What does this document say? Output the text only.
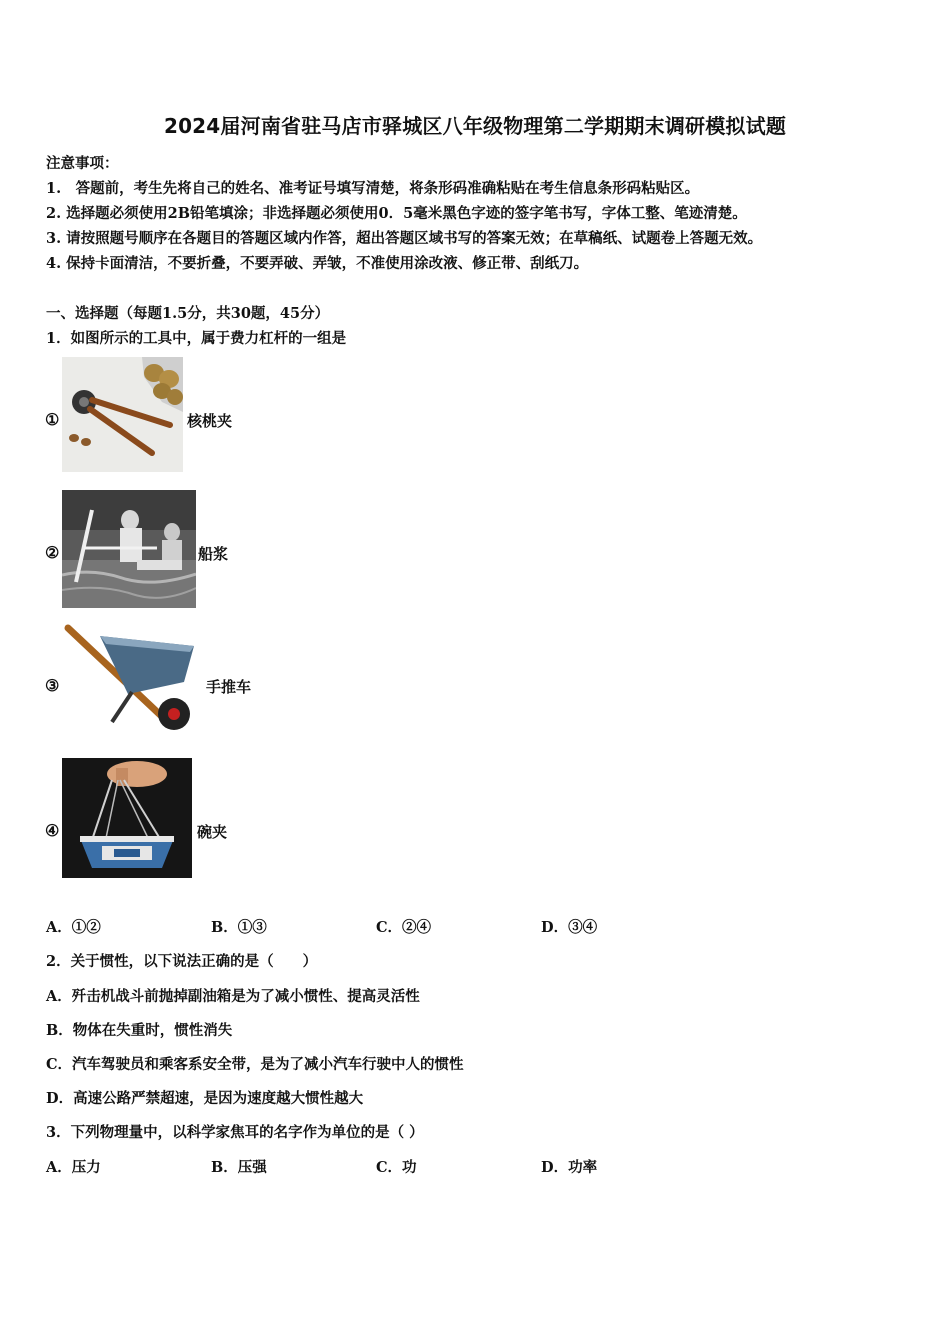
2024届河南省驻马店市驿城区八年级物理第二学期期末调研模拟试题
注意事项：
1.　答题前，考生先将自己的姓名、准考证号填写清楚，将条形码准确粘贴在考生信息条形码粘贴区。
2. 选择题必须使用2B铅笔填涂；非选择题必须使用0．5毫米黑色字迹的签字笔书写，字体工整、笔迹清楚。
3. 请按照题号顺序在各题目的答题区域内作答，超出答题区域书写的答案无效；在草稿纸、试题卷上答题无效。
4. 保持卡面清洁，不要折叠，不要弄破、弄皱，不准使用涂改液、修正带、刮纸刀。
一、选择题（每题1.5分，共30题，45分）
1．如图所示的工具中，属于费力杠杆的一组是
①	核桃夹
②	船浆
③	手推车
④	碗夹
A．①②	B．①③	C．②④	D．③④
2．关于惯性，以下说法正确的是（　　）
A．歼击机战斗前抛掉副油箱是为了减小惯性、提高灵活性
B．物体在失重时，惯性消失
C．汽车驾驶员和乘客系安全带，是为了减小汽车行驶中人的惯性
D．高速公路严禁超速，是因为速度越大惯性越大
3．下列物理量中，以科学家焦耳的名字作为单位的是（ ）
A．压力	B．压强	C．功	D．功率
